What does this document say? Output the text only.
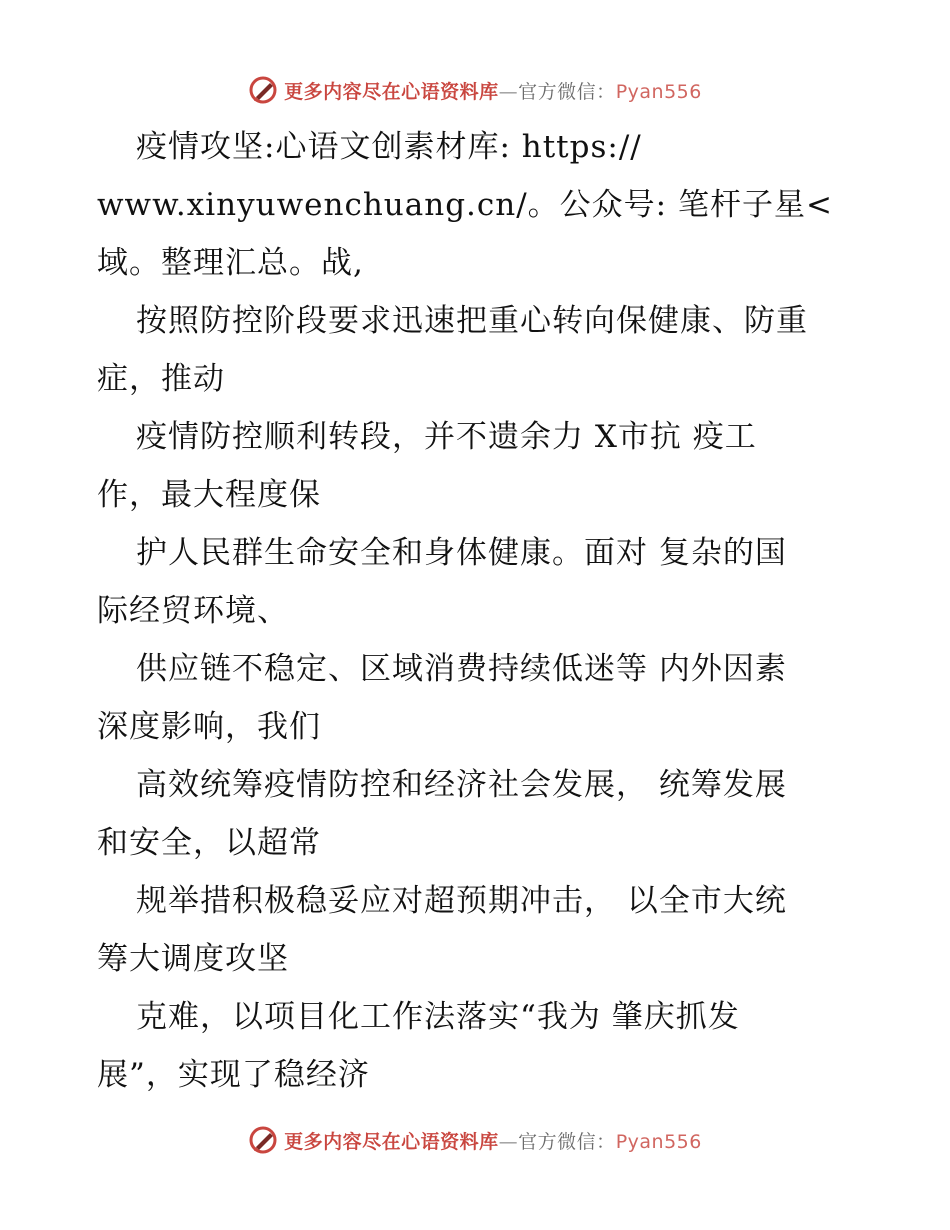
更多内容尽在心语资料库—官方微信：Pyan556
疫情攻坚:心语文创素材库: https://
www.xinyuwenchuang.cn/。公众号: 笔杆子星<
域。整理汇总。战,
按照防控阶段要求迅速把重心转向保健康、防重
症，推动
疫情防控顺利转段，并不遗余力 X市抗 疫工
作，最大程度保
护人民群生命安全和身体健康。面对 复杂的国
际经贸环境、
供应链不稳定、区域消费持续低迷等 内外因素
深度影响，我们
高效统筹疫情防控和经济社会发展， 统筹发展
和安全，以超常
规举措积极稳妥应对超预期冲击， 以全市大统
筹大调度攻坚
克难，以项目化工作法落实“我为 肇庆抓发
展”，实现了稳经济
更多内容尽在心语资料库—官方微信：Pyan556
